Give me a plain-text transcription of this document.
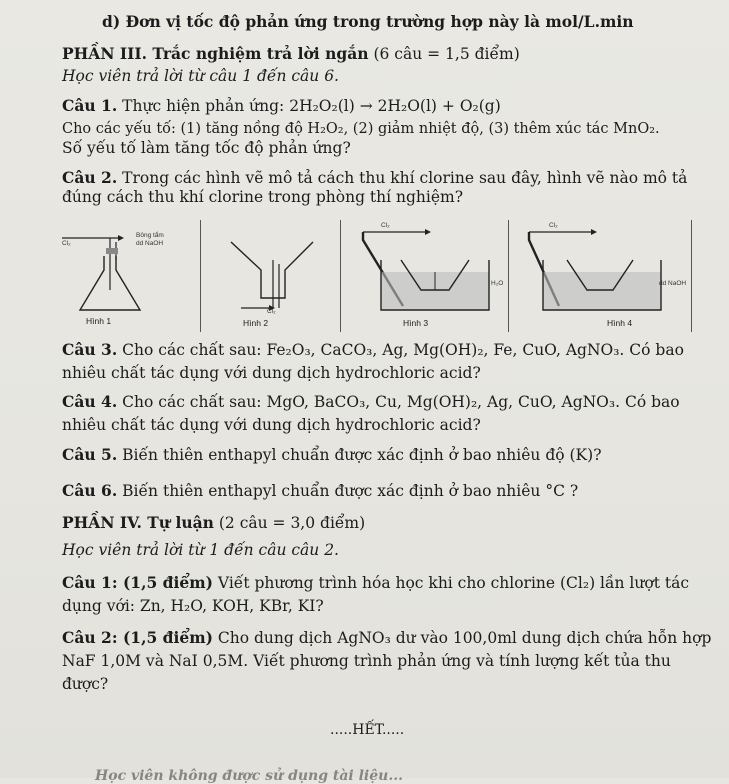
d) Đơn vị tốc độ phản ứng trong trường hợp này là mol/L.min
PHẦN III. Trắc nghiệm trả lời ngắn (6 câu = 1,5 điểm)
Học viên trả lời từ câu 1 đến câu 6.
Câu 1. Thực hiện phản ứng: 2H₂O₂(l) → 2H₂O(l) + O₂(g)
Cho các yếu tố: (1) tăng nồng độ H₂O₂, (2) giảm nhiệt độ, (3) thêm xúc tác MnO₂.
Số yếu tố làm tăng tốc độ phản ứng?
Câu 2. Trong các hình vẽ mô tả cách thu khí clorine sau đây, hình vẽ nào mô tả
đúng cách thu khí clorine trong phòng thí nghiệm?
Cl₂
Bông tẩm
dd NaOH
Hình 1
Cl₂
Hình 2
Cl₂
H₂O
Hình 3
Cl₂
dd NaOH
Hình 4
Câu 3. Cho các chất sau: Fe₂O₃, CaCO₃, Ag, Mg(OH)₂, Fe, CuO, AgNO₃. Có bao
nhiêu chất tác dụng với dung dịch hydrochloric acid?
Câu 4. Cho các chất sau: MgO, BaCO₃, Cu, Mg(OH)₂, Ag, CuO, AgNO₃. Có bao
nhiêu chất tác dụng với dung dịch hydrochloric acid?
Câu 5. Biến thiên enthapyl chuẩn được xác định ở bao nhiêu độ (K)?
Câu 6. Biến thiên enthapyl chuẩn được xác định ở bao nhiêu °C ?
PHẦN IV. Tự luận (2 câu = 3,0 điểm)
Học viên trả lời từ 1 đến câu câu 2.
Câu 1: (1,5 điểm) Viết phương trình hóa học khi cho chlorine (Cl₂) lần lượt tác
dụng với: Zn, H₂O, KOH, KBr, KI?
Câu 2: (1,5 điểm) Cho dung dịch AgNO₃ dư vào 100,0ml dung dịch chứa hỗn hợp
NaF 1,0M và NaI 0,5M. Viết phương trình phản ứng và tính lượng kết tủa thu
được?
.....HẾT.....
Học viên không được sử dụng tài liệu...
